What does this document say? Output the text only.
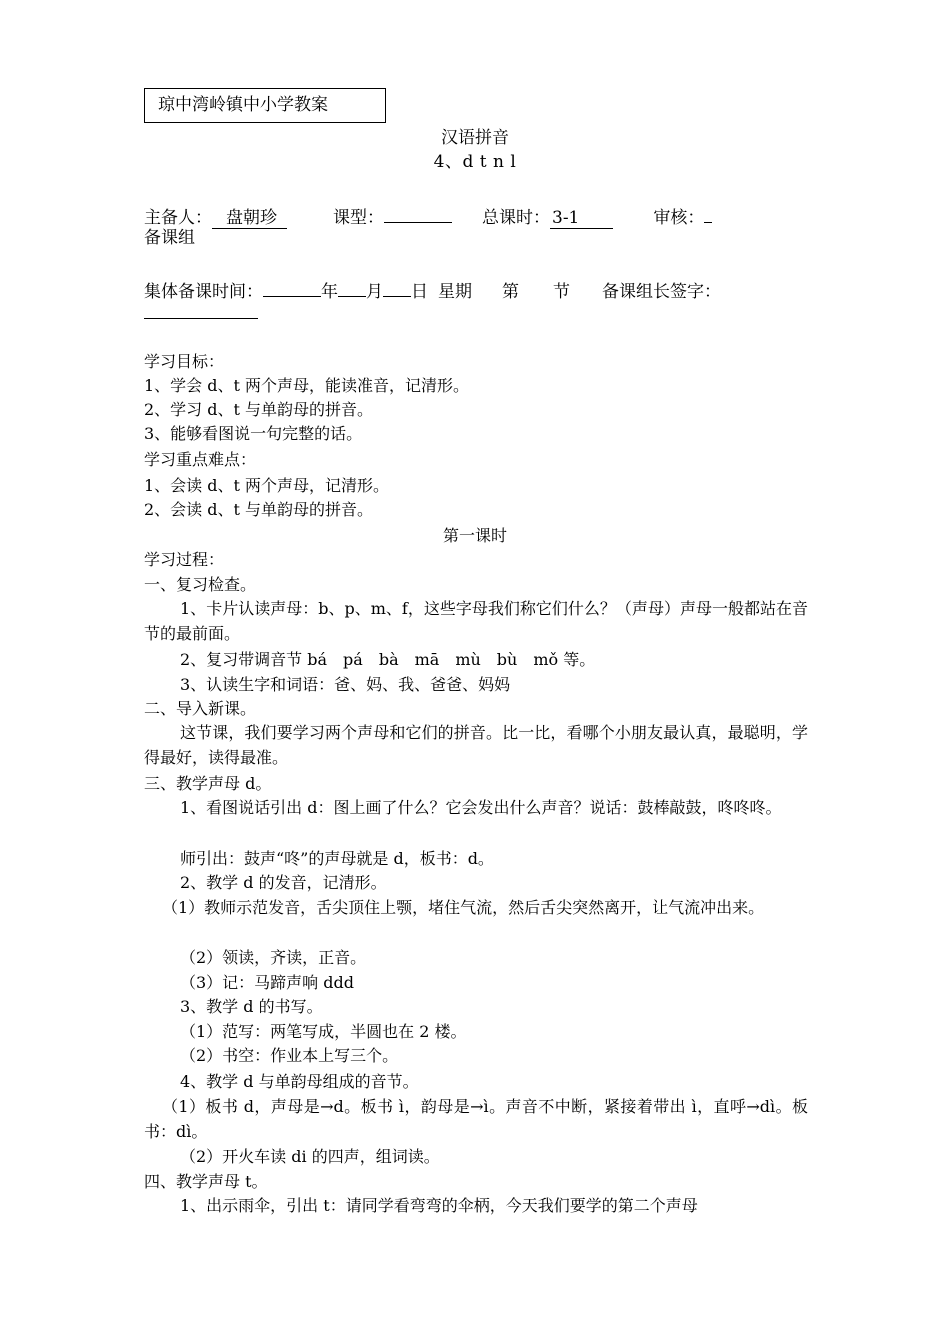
琼中湾岭镇中小学教案
汉语拼音
4、d t n l
主备人： 盘朝珍	课型：	总课时： 3-1	审核：
备课组
集体备课时间：	年 月 日 星期 第 节 备课组长签字：
学习目标：
1、学会 d、t 两个声母，能读准音，记清形。
2、学习 d、t 与单韵母的拼音。
3、能够看图说一句完整的话。
学习重点难点：
1、会读 d、t 两个声母，记清形。
2、会读 d、t 与单韵母的拼音。
第一课时
学习过程：
一、复习检查。
1、卡片认读声母：b、p、m、f，这些字母我们称它们什么？（声母）声母一般都站在音节的最前面。
2、复习带调音节 bá　pá　bà　mā　mù　bù　mǒ 等。
3、认读生字和词语：爸、妈、我、爸爸、妈妈
二、导入新课。
这节课，我们要学习两个声母和它们的拼音。比一比，看哪个小朋友最认真，最聪明，学得最好，读得最准。
三、教学声母 d。
1、看图说话引出 d：图上画了什么？它会发出什么声音？说话：鼓棒敲鼓，咚咚咚。
师引出：鼓声“咚”的声母就是 d，板书：d。
2、教学 d 的发音，记清形。
（1）教师示范发音，舌尖顶住上颚，堵住气流，然后舌尖突然离开，让气流冲出来。
（2）领读，齐读，正音。
（3）记：马蹄声响 ddd
3、教学 d 的书写。
（1）范写：两笔写成，半圆也在 2 楼。
（2）书空：作业本上写三个。
4、教学 d 与单韵母组成的音节。
（1）板书 d，声母是→d。板书 ì，韵母是→ì。声音不中断，紧接着带出 ì，直呼→dì。板书：dì。
（2）开火车读 di 的四声，组词读。
四、教学声母 t。
1、出示雨伞，引出 t：请同学看弯弯的伞柄，今天我们要学的第二个声母
